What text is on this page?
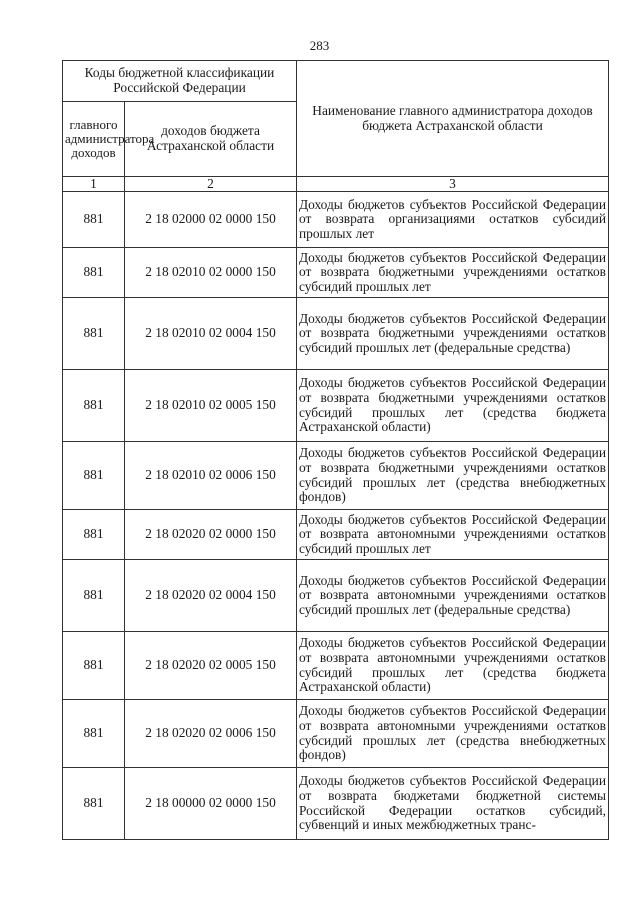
283
Коды бюджетной классификации Российской Федерации		Наименование главного администратора доходов бюджета Астраханской области
главного администратора доходов	доходов бюджета Астраханской области	
1	2	3
881	2 18 02000 02 0000 150	Доходы бюджетов субъектов Российской Федерации от возврата организациями остатков субсидий прошлых лет
881	2 18 02010 02 0000 150	Доходы бюджетов субъектов Российской Федерации от возврата бюджетными учреждениями остатков субсидий прошлых лет
881	2 18 02010 02 0004 150	Доходы бюджетов субъектов Российской Федерации от возврата бюджетными учреждениями остатков субсидий прошлых лет (федеральные средства)
881	2 18 02010 02 0005 150	Доходы бюджетов субъектов Российской Федерации от возврата бюджетными учреждениями остатков субсидий прошлых лет (средства бюджета Астраханской области)
881	2 18 02010 02 0006 150	Доходы бюджетов субъектов Российской Федерации от возврата бюджетными учреждениями остатков субсидий прошлых лет (средства внебюджетных фондов)
881	2 18 02020 02 0000 150	Доходы бюджетов субъектов Российской Федерации от возврата автономными учреждениями остатков субсидий прошлых лет
881	2 18 02020 02 0004 150	Доходы бюджетов субъектов Российской Федерации от возврата автономными учреждениями остатков субсидий прошлых лет (федеральные средства)
881	2 18 02020 02 0005 150	Доходы бюджетов субъектов Российской Федерации от возврата автономными учреждениями остатков субсидий прошлых лет (средства бюджета Астраханской области)
881	2 18 02020 02 0006 150	Доходы бюджетов субъектов Российской Федерации от возврата автономными учреждениями остатков субсидий прошлых лет (средства внебюджетных фондов)
881	2 18 00000 02 0000 150	Доходы бюджетов субъектов Российской Федерации от возврата бюджетами бюджетной системы Российской Федерации остатков субсидий, субвенций и иных межбюджетных транс-
